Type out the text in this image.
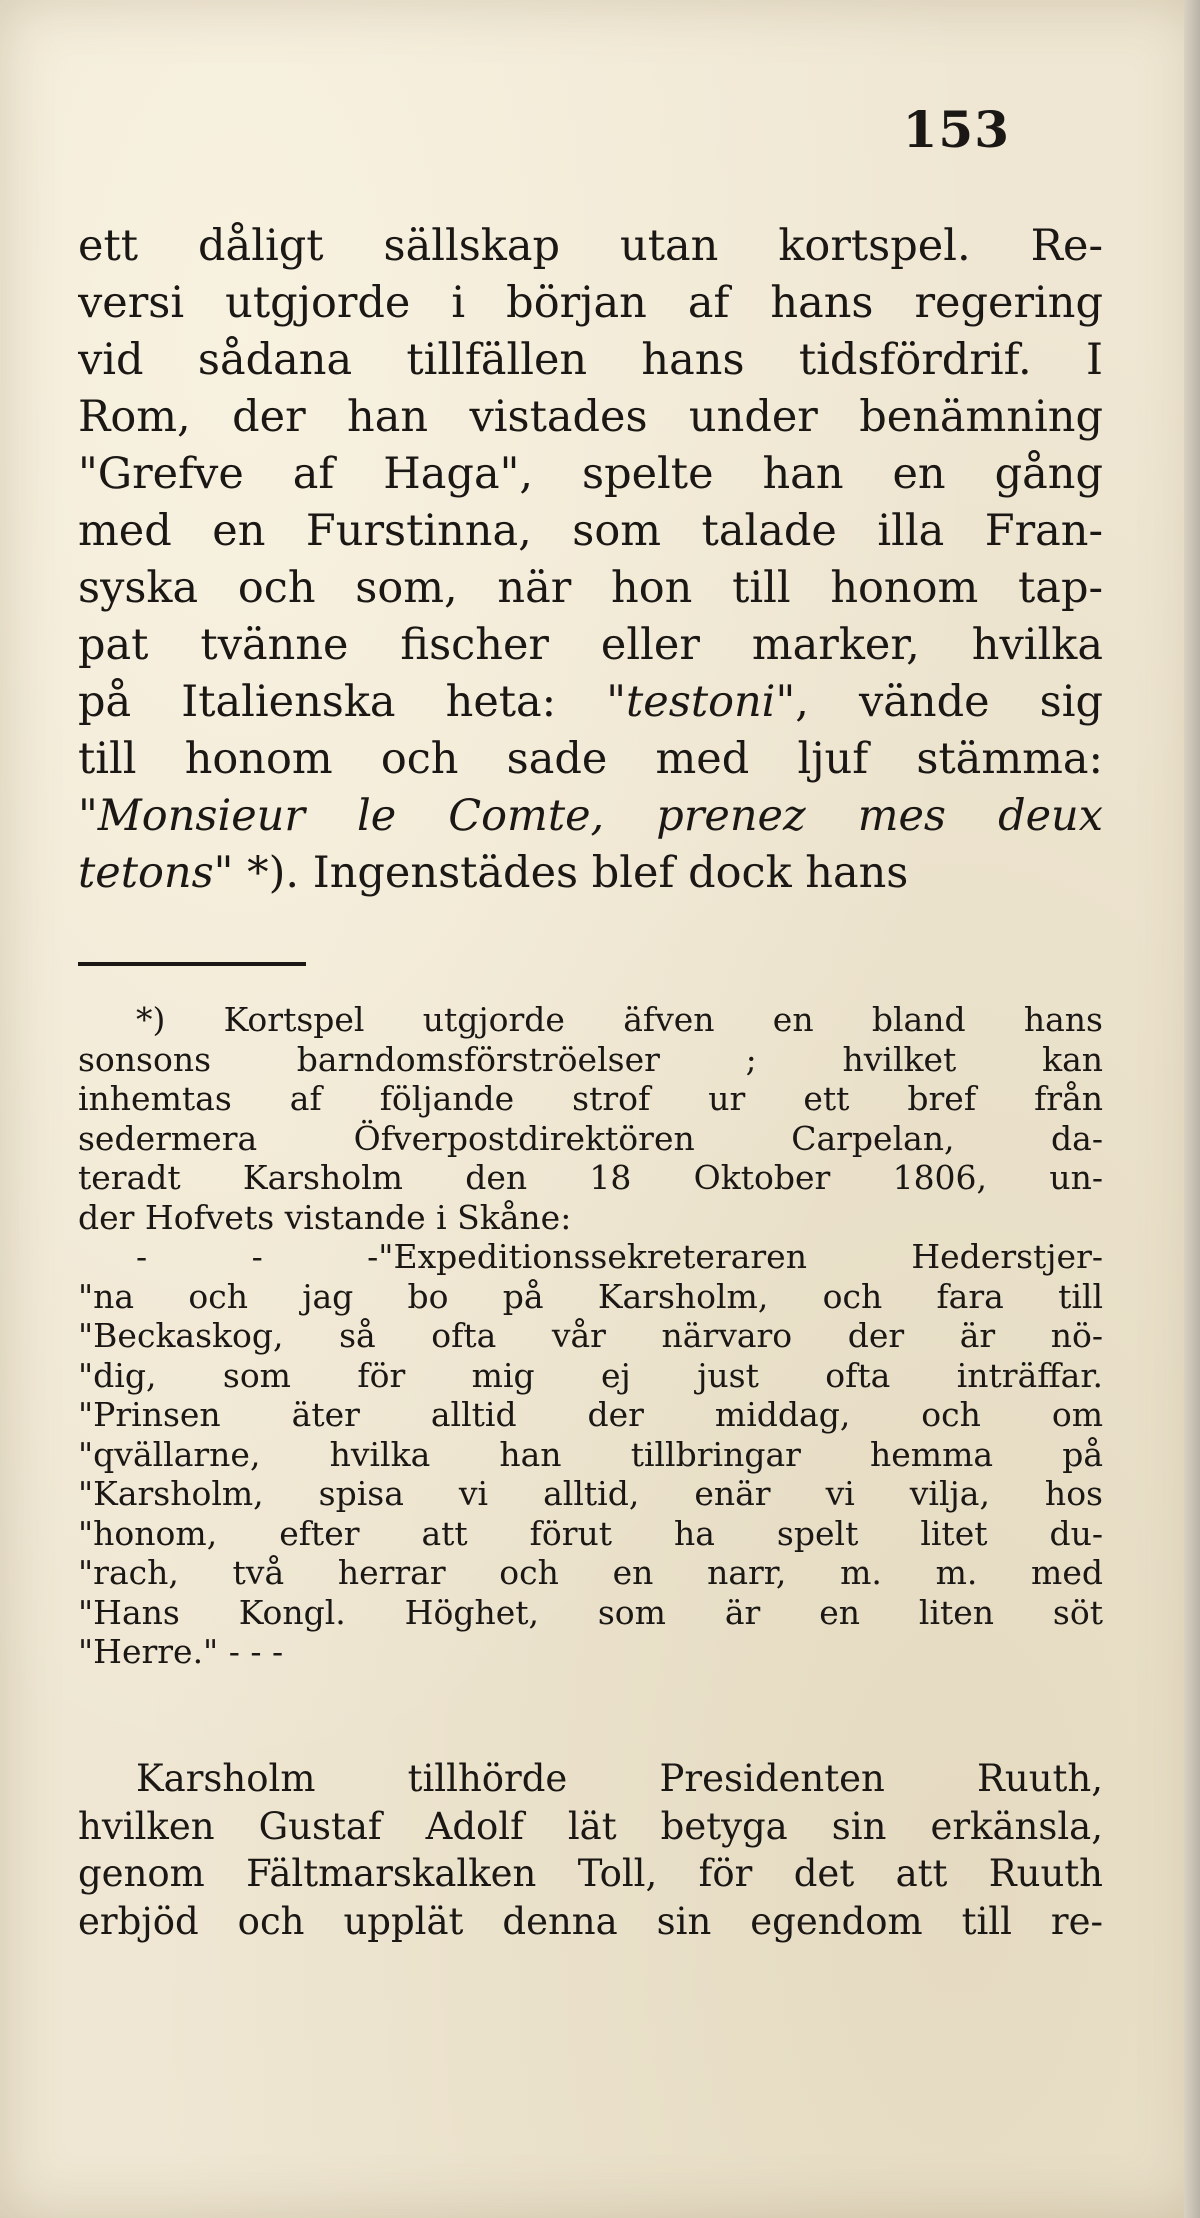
153
ett dåligt sällskap utan kortspel. Re-
versi utgjorde i början af hans regering
vid sådana tillfällen hans tidsfördrif. I
Rom, der han vistades under benämning
"Grefve af Haga", spelte han en gång
med en Furstinna, som talade illa Fran-
syska och som, när hon till honom tap-
pat tvänne fischer eller marker, hvilka
på Italienska heta: "testoni", vände sig
till honom och sade med ljuf stämma:
"Monsieur le Comte, prenez mes deux
tetons" *). Ingenstädes blef dock hans
*) Kortspel utgjorde äfven en bland hans
sonsons barndomsförströelser ; hvilket kan
inhemtas af följande strof ur ett bref från
sedermera Öfverpostdirektören Carpelan, da-
teradt Karsholm den 18 Oktober 1806, un-
der Hofvets vistande i Skåne:
- - -"Expeditionssekreteraren Hederstjer-
"na och jag bo på Karsholm, och fara till
"Beckaskog, så ofta vår närvaro der är nö-
"dig, som för mig ej just ofta inträffar.
"Prinsen äter alltid der middag, och om
"qvällarne, hvilka han tillbringar hemma på
"Karsholm, spisa vi alltid, enär vi vilja, hos
"honom, efter att förut ha spelt litet du-
"rach, två herrar och en narr, m. m. med
"Hans Kongl. Höghet, som är en liten söt
"Herre." - - -
Karsholm tillhörde Presidenten Ruuth,
hvilken Gustaf Adolf lät betyga sin erkänsla,
genom Fältmarskalken Toll, för det att Ruuth
erbjöd och upplät denna sin egendom till re-
